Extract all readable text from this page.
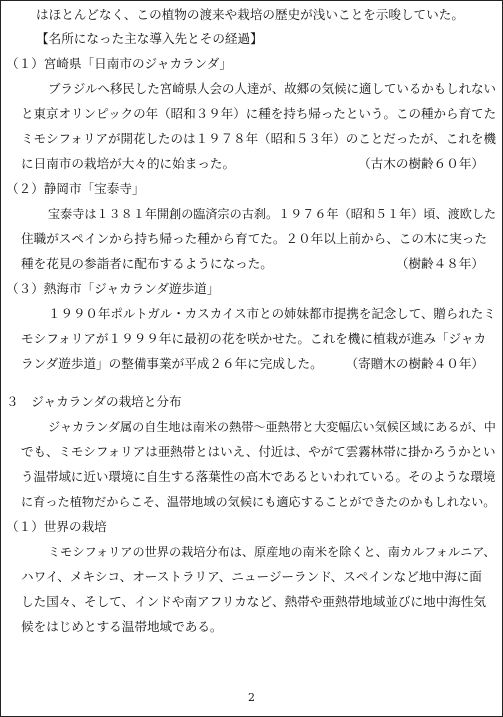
はほとんどなく、この植物の渡来や栽培の歴史が浅いことを示唆していた。
【名所になった主な導入先とその経過】
（１）宮崎県「日南市のジャカランダ」
ブラジルへ移民した宮崎県人会の人達が、故郷の気候に適しているかもしれない
と東京オリンピックの年（昭和３９年）に種を持ち帰ったという。この種から育てた
ミモシフォリアが開花したのは１９７８年（昭和５３年）のことだったが、これを機
に日南市の栽培が大々的に始まった。	（古木の樹齢６０年）
（２）静岡市「宝泰寺」
宝泰寺は１３８１年開創の臨済宗の古刹。１９７６年（昭和５１年）頃、渡欧した
住職がスペインから持ち帰った種から育てた。２０年以上前から、この木に実った
種を花見の参詣者に配布するようになった。	（樹齢４８年）
（３）熱海市「ジャカランダ遊歩道」
１９９０年ポルトガル・カスカイス市との姉妹都市提携を記念して、贈られたミ
モシフォリアが１９９９年に最初の花を咲かせた。これを機に植栽が進み「ジャカ
ランダ遊歩道」の整備事業が平成２６年に完成した。 （寄贈木の樹齢４０年）
３　ジャカランダの栽培と分布
ジャカランダ属の自生地は南米の熱帯～亜熱帯と大変幅広い気候区域にあるが、中
でも、ミモシフォリアは亜熱帯とはいえ、付近は、やがて雲霧林帯に掛かろうかとい
う温帯域に近い環境に自生する落葉性の高木であるといわれている。そのような環境
に育った植物だからこそ、温帯地域の気候にも適応することができたのかもしれない。
（１）世界の栽培
ミモシフォリアの世界の栽培分布は、原産地の南米を除くと、南カルフォルニア、
ハワイ、メキシコ、オーストラリア、ニュージーランド、スペインなど地中海に面
した国々、そして、インドや南アフリカなど、熱帯や亜熱帯地域並びに地中海性気
候をはじめとする温帯地域である。
2
